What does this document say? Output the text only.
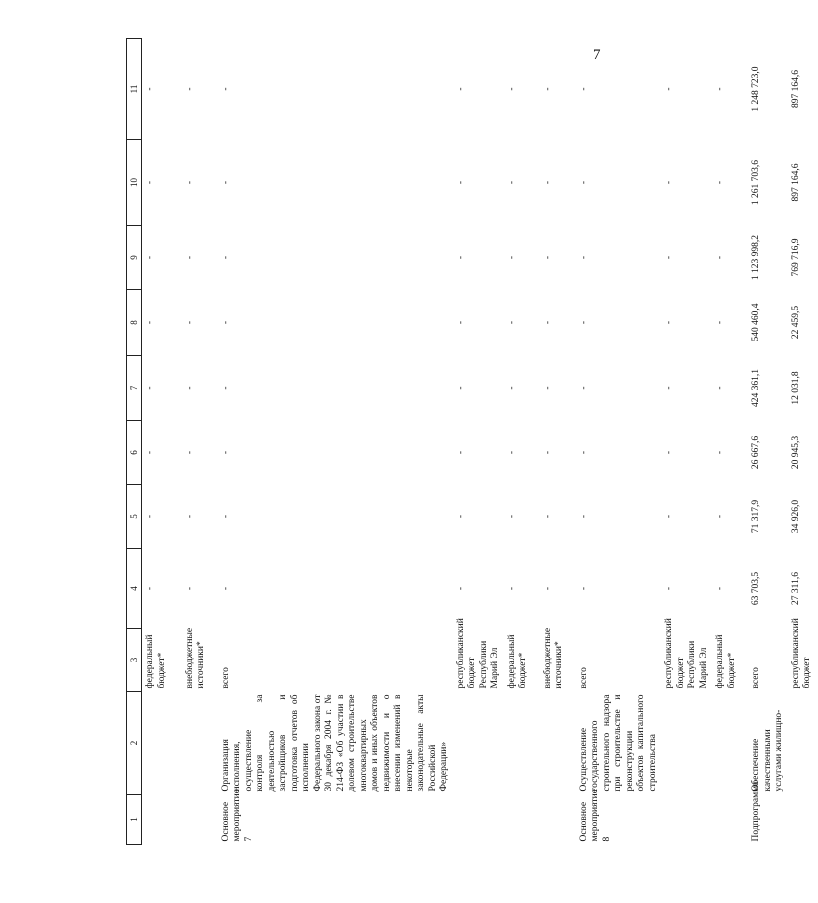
7
1	2	3	4	5	6	7	8	9	10	11
		федеральный бюджет*	-	-	-	-	-	-	-	-
		внебюджетные источники*	-	-	-	-	-	-	-	-
Основное мероприятие 7	Организация исполнения, осуществление контроля за деятельностью застройщиков и подготовка отчетов об исполнении Федерального закона от 30 декабря 2004 г. № 214-ФЗ «Об участии в долевом строительстве многоквартирных домов и иных объектов недвижимости и о внесении изменений в некоторые законодательные акты Российской Федерации»	всего	-	-	-	-	-	-	-	-
		республиканский бюджет Республики Марий Эл	-	-	-	-	-	-	-	-
		федеральный бюджет*	-	-	-	-	-	-	-	-
		внебюджетные источники*	-	-	-	-	-	-	-	-
Основное мероприятие 8	Осуществление государственного строительного надзора при строительстве и реконструкции объектов капитального строительства	всего	-	-	-	-	-	-	-	-
		республиканский бюджет Республики Марий Эл	-	-	-	-	-	-	-	-
		федеральный бюджет*	-	-	-	-	-	-	-	-
Подпрограмма	Обеспечение качественными услугами жилищно-	всего	63 703,5	71 317,9	26 667,6	424 361,1	540 460,4	1 123 998,2	1 261 703,6	1 248 723,0
		республиканский бюджет	27 311,6	34 926,0	20 945,3	12 031,8	22 459,5	769 716,9	897 164,6	897 164,6
